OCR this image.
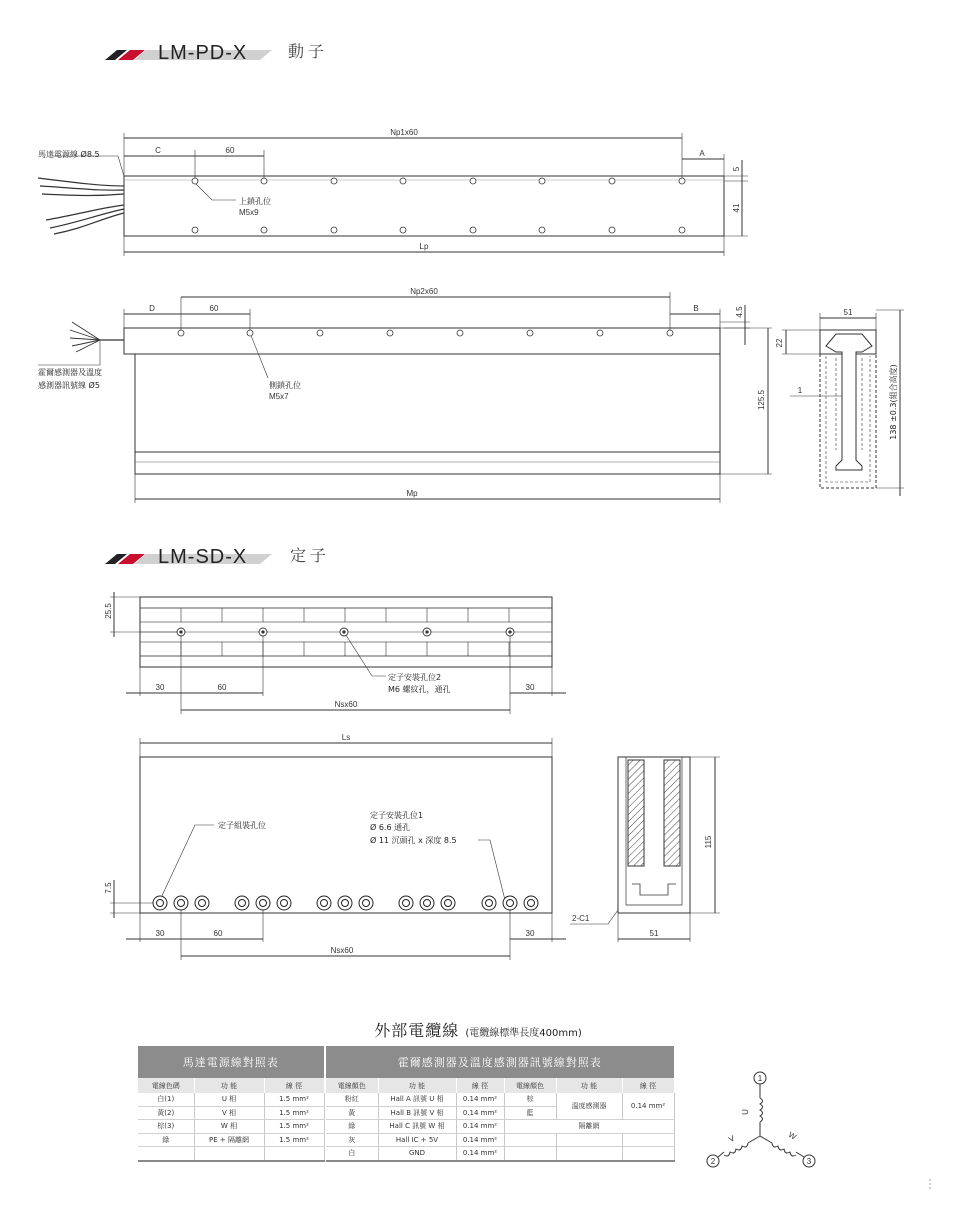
LM-PD-X	動子
馬達電源線 Ø8.5
Np1x60
C	60	A
5
41
Lp
上鎖孔位
M5x9
Np2x60
D	60	B	4.5
125.5
Mp
霍爾感測器及溫度
感測器訊號線 Ø5	側鎖孔位
M5x7
51
22
1	138 ±0.3(組合高度)
LM-SD-X	定子
25.5
30	60	30
Nsx60
定子安裝孔位2
M6 螺紋孔，通孔
Ls
7.5
30	60	30
Nsx60
定子組裝孔位
定子安裝孔位1
Ø 6.6 通孔
Ø 11 沉頭孔 x 深度 8.5	115
51
2-C1
1
2	3
U
V	W
外部電纜線 (電纜線標準長度400mm)
馬達電源線對照表		
電線色碼	功 能	線 徑
白(1)	U 相	1.5 mm²
黃(2)	V 相	1.5 mm²
棕(3)	W 相	1.5 mm²
綠	PE + 隔離網	1.5 mm²

霍爾感測器及溫度感測器訊號線對照表					
電線顏色	功 能	線 徑	電線顏色	功 能	線 徑
粉紅	Hall A 訊號 U 相	0.14 mm²	棕	溫度感測器	0.14 mm²
黃	Hall B 訊號 V 相	0.14 mm²	藍		
綠	Hall C 訊號 W 相	0.14 mm²	隔離網		
灰	Hall IC + 5V	0.14 mm²			
白	GND	0.14 mm²			
